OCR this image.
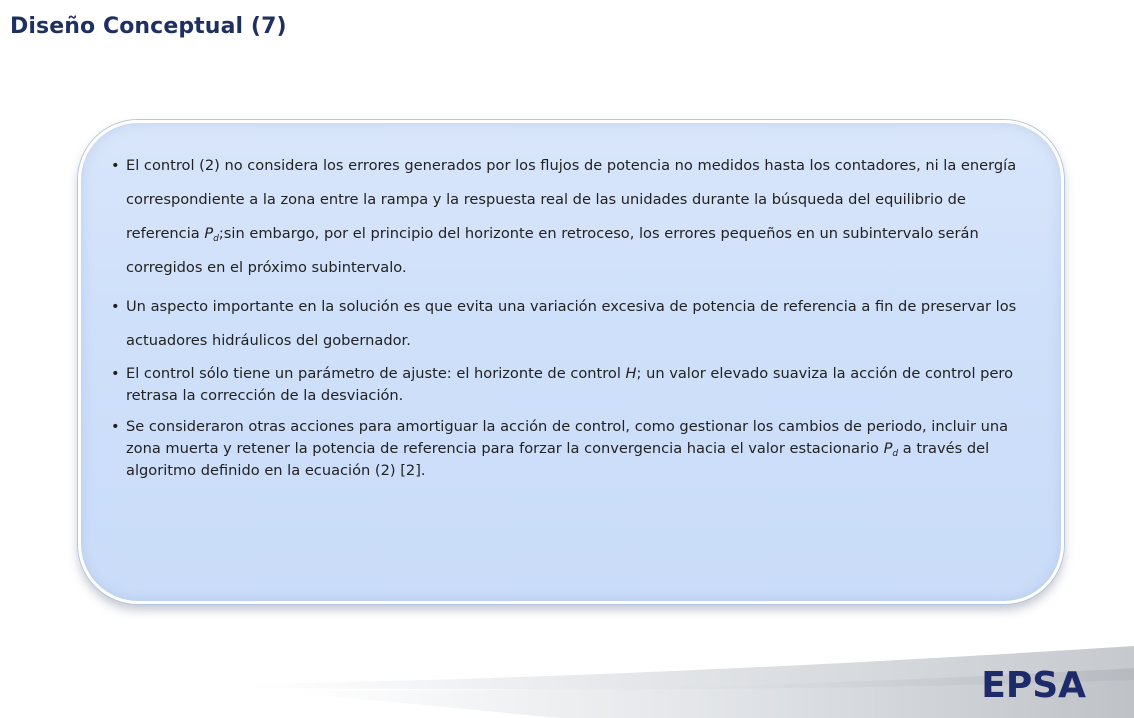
Diseño Conceptual (7)
• El control (2) no considera los errores generados por los flujos de potencia no medidos hasta los contadores, ni la energía correspondiente a la zona entre la rampa y la respuesta real de las unidades durante la búsqueda del equilibrio de referencia $P_d;\sin$ embargo, por el principio del horizonte en retroceso, los errores pequeños en un subintervalo serán corregidos en el próximo subintervalo.
• Un aspecto importante en la solución es que evita una variación excesiva de potencia de referencia a fin de preservar los actuadores hidráulicos del gobernador.
• El control sólo tiene un parámetro de ajuste: el horizonte de control H; un valor elevado suaviza la acción de control pero retrasa la corrección de la desviación.
• Se consideraron otras acciones para amortiguar la acción de control, como gestionar los cambios de periodo, incluir una zona muerta y retener la potencia de referencia para forzar la convergencia hacia el valor estacionario $P_d$ a través del algoritmo definido en la ecuación (2) [2].
EPSA
